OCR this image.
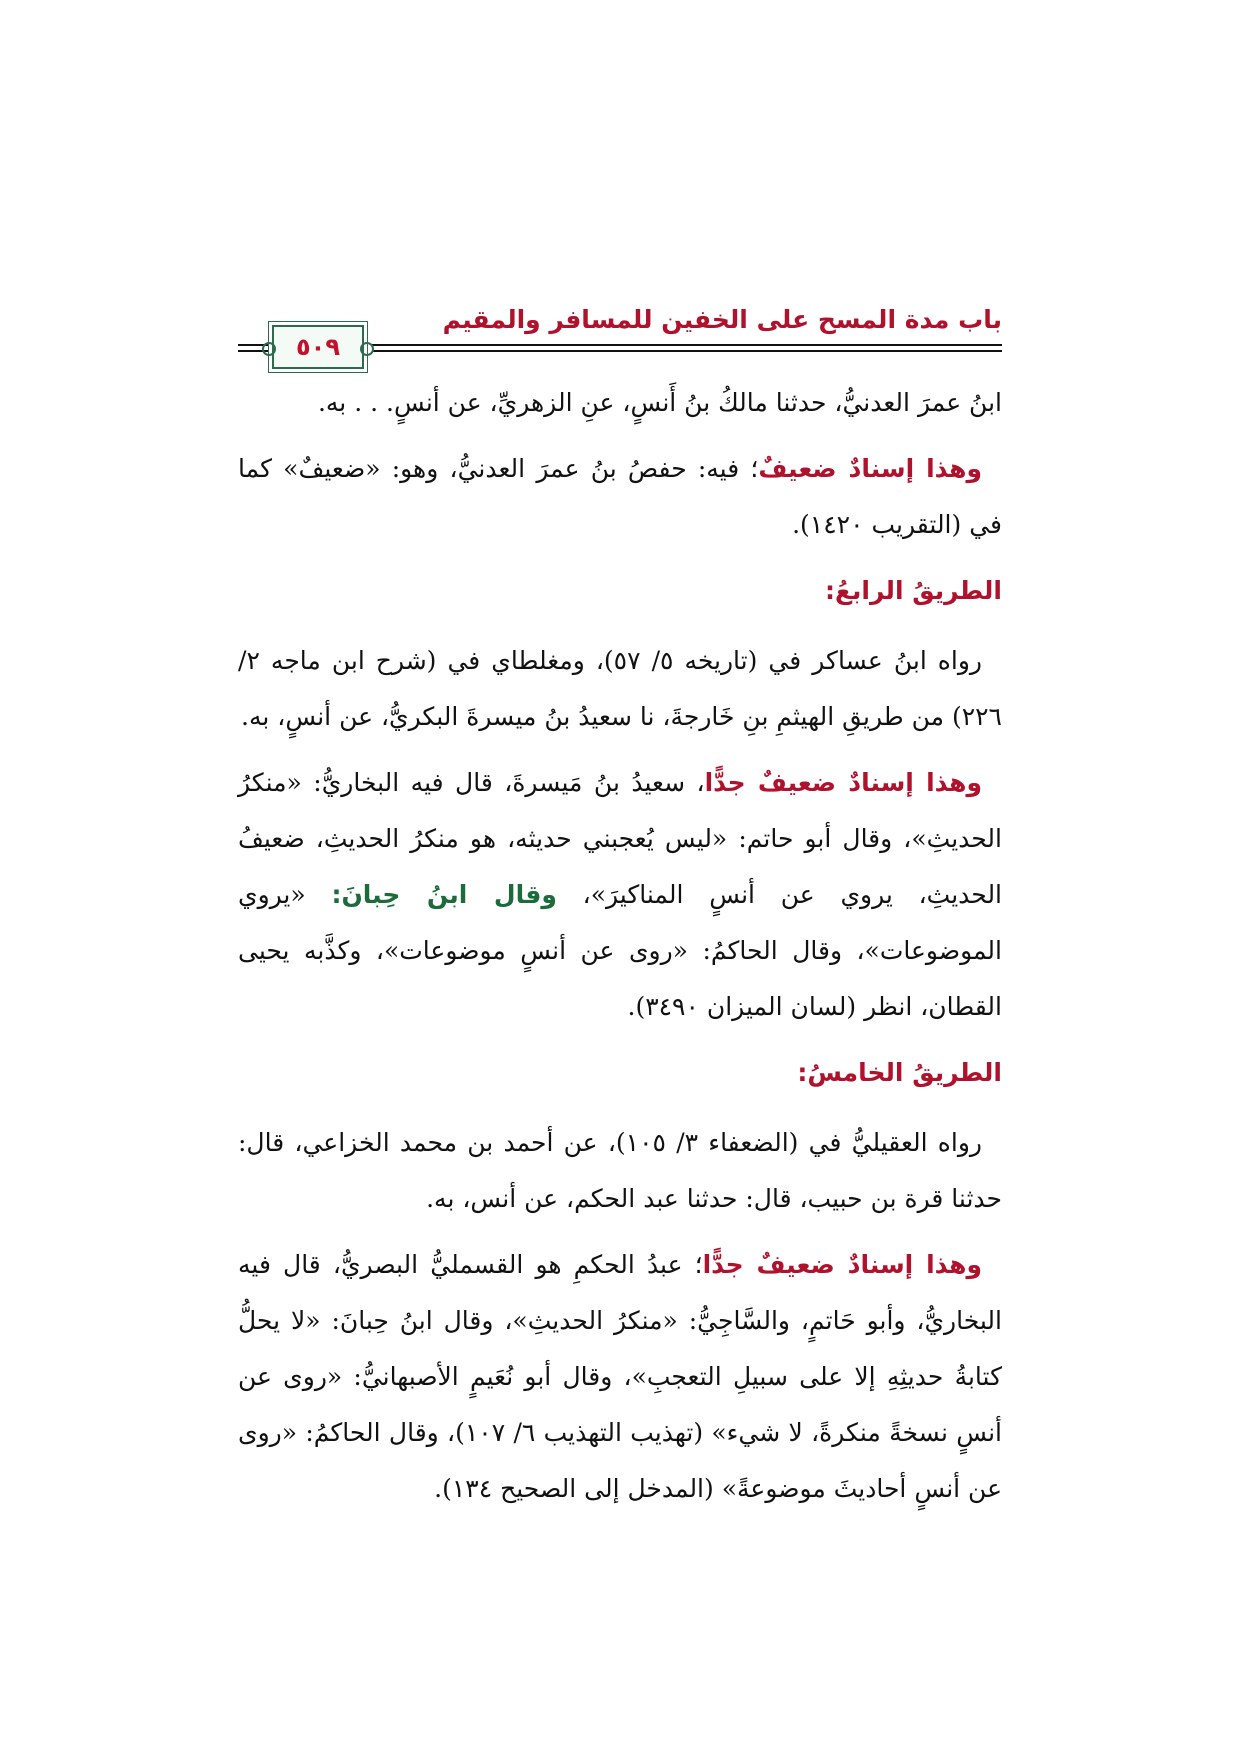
باب مدة المسح على الخفين للمسافر والمقيم
٥٠٩

ابنُ عمرَ العدنيُّ، حدثنا مالكُ بنُ أَنسٍ، عنِ الزهريِّ، عن أنسٍ. . . به.

وهذا إسنادٌ ضعيفٌ؛ فيه: حفصُ بنُ عمرَ العدنيُّ، وهو: «ضعيفٌ» كما في (التقريب ١٤٢٠).

الطريقُ الرابعُ:

رواه ابنُ عساكر في (تاريخه ٥/ ٥٧)، ومغلطاي في (شرح ابن ماجه ٢/ ٢٢٦) من طريقِ الهيثمِ بنِ خَارجةَ، نا سعيدُ بنُ ميسرةَ البكريُّ، عن أنسٍ، به.

وهذا إسنادٌ ضعيفٌ جدًّا، سعيدُ بنُ مَيسرةَ، قال فيه البخاريُّ: «منكرُ الحديثِ»، وقال أبو حاتم: «ليس يُعجبني حديثه، هو منكرُ الحديثِ، ضعيفُ الحديثِ، يروي عن أنسٍ المناكيرَ»، وقال ابنُ حِبانَ: «يروي الموضوعات»، وقال الحاكمُ: «روى عن أنسٍ موضوعات»، وكذَّبه يحيى القطان، انظر (لسان الميزان ٣٤٩٠).

الطريقُ الخامسُ:

رواه العقيليُّ في (الضعفاء ٣/ ١٠٥)، عن أحمد بن محمد الخزاعي، قال: حدثنا قرة بن حبيب، قال: حدثنا عبد الحكم، عن أنس، به.

وهذا إسنادٌ ضعيفٌ جدًّا؛ عبدُ الحكمِ هو القسمليُّ البصريُّ، قال فيه البخاريُّ، وأبو حَاتمٍ، والسَّاجِيُّ: «منكرُ الحديثِ»، وقال ابنُ حِبانَ: «لا يحلُّ كتابةُ حديثِهِ إلا على سبيلِ التعجبِ»، وقال أبو نُعَيمٍ الأصبهانيُّ: «روى عن أنسٍ نسخةً منكرةً، لا شيء» (تهذيب التهذيب ٦/ ١٠٧)، وقال الحاكمُ: «روى عن أنسٍ أحاديثَ موضوعةً» (المدخل إلى الصحيح ١٣٤).
